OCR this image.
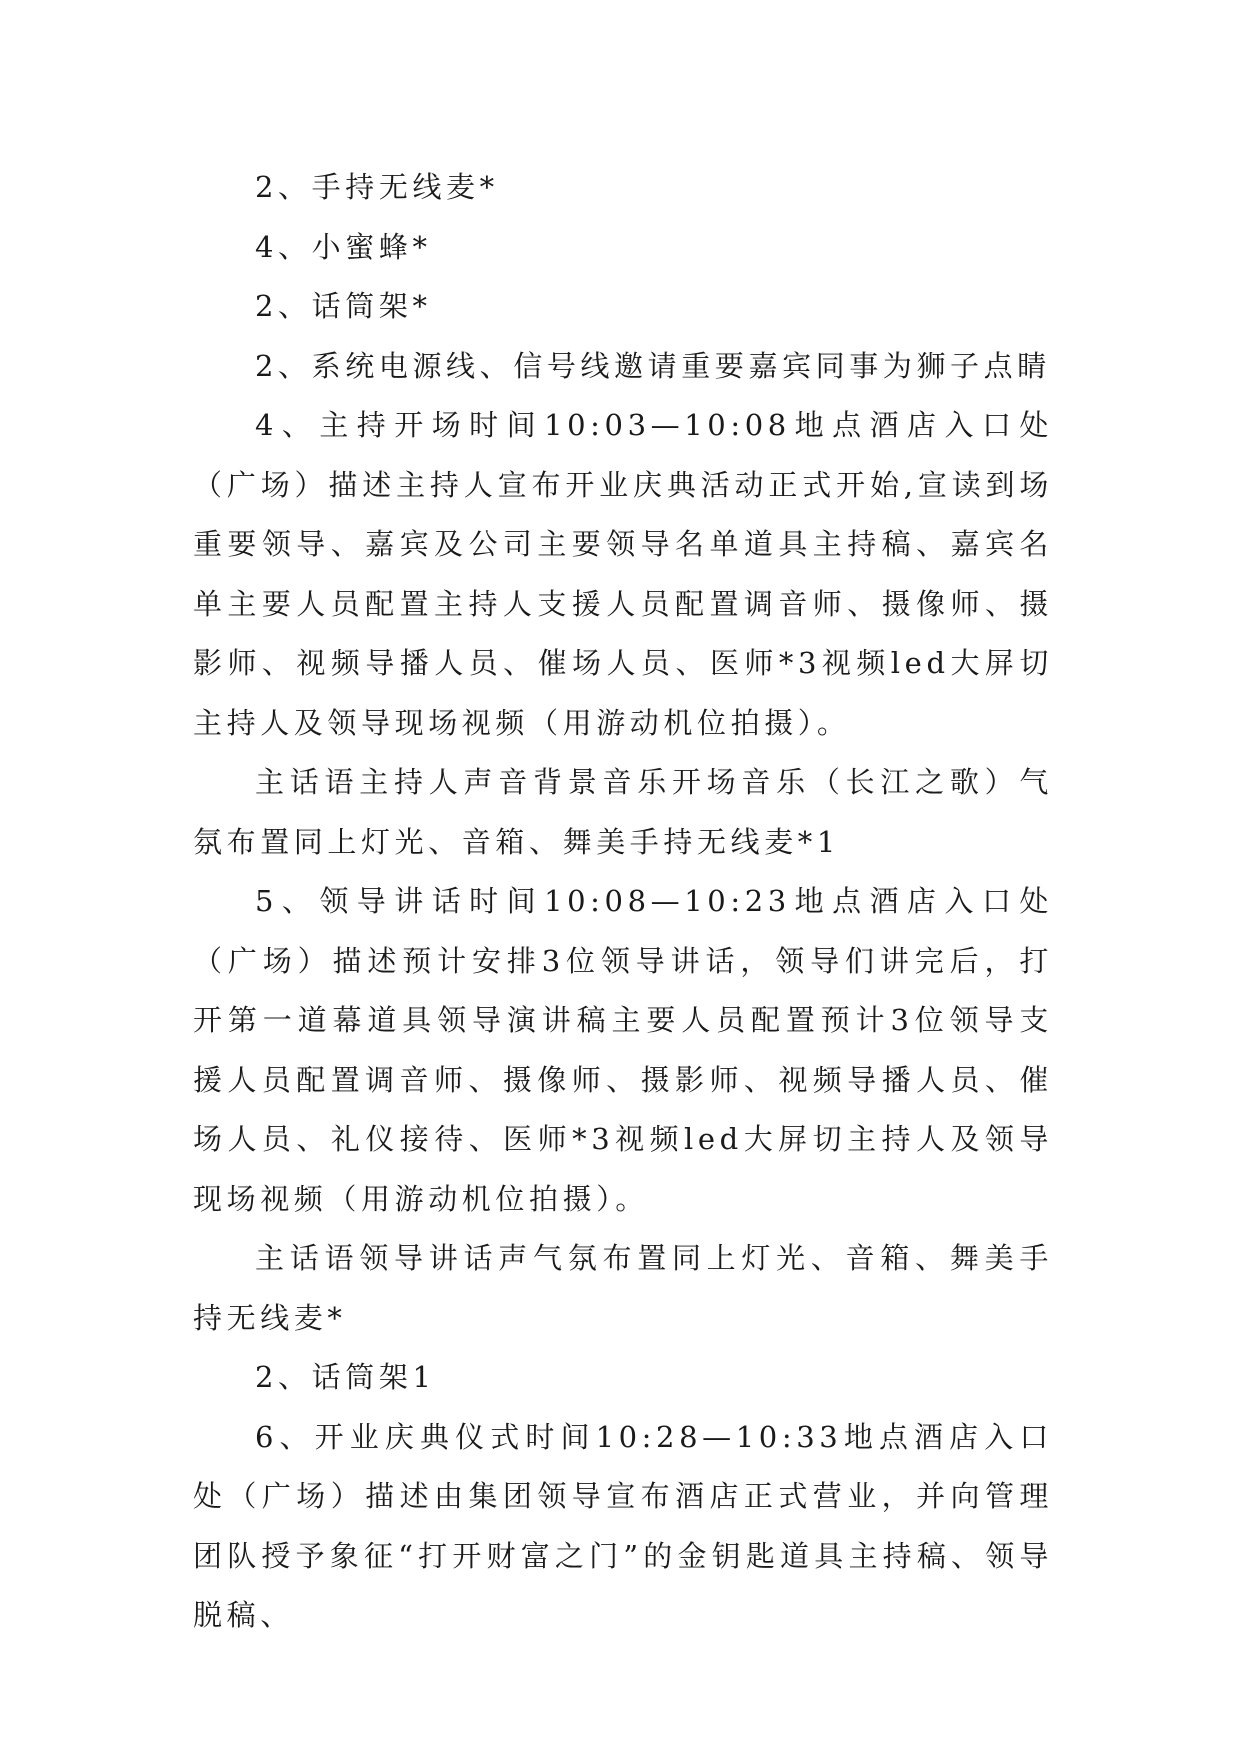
2、手持无线麦*

4、小蜜蜂*

2、话筒架*

2、系统电源线、信号线邀请重要嘉宾同事为狮子点睛

4、主持开场时间10:03—10:08地点酒店入口处（广场）描述主持人宣布开业庆典活动正式开始,宣读到场重要领导、嘉宾及公司主要领导名单道具主持稿、嘉宾名单主要人员配置主持人支援人员配置调音师、摄像师、摄影师、视频导播人员、催场人员、医师*3视频led大屏切主持人及领导现场视频（用游动机位拍摄）。

主话语主持人声音背景音乐开场音乐（长江之歌）气氛布置同上灯光、音箱、舞美手持无线麦*1

5、领导讲话时间10:08—10:23地点酒店入口处（广场）描述预计安排3位领导讲话，领导们讲完后，打开第一道幕道具领导演讲稿主要人员配置预计3位领导支援人员配置调音师、摄像师、摄影师、视频导播人员、催场人员、礼仪接待、医师*3视频led大屏切主持人及领导现场视频（用游动机位拍摄）。

主话语领导讲话声气氛布置同上灯光、音箱、舞美手持无线麦*

2、话筒架1

6、开业庆典仪式时间10:28—10:33地点酒店入口处（广场）描述由集团领导宣布酒店正式营业，并向管理团队授予象征“打开财富之门”的金钥匙道具主持稿、领导脱稿、
